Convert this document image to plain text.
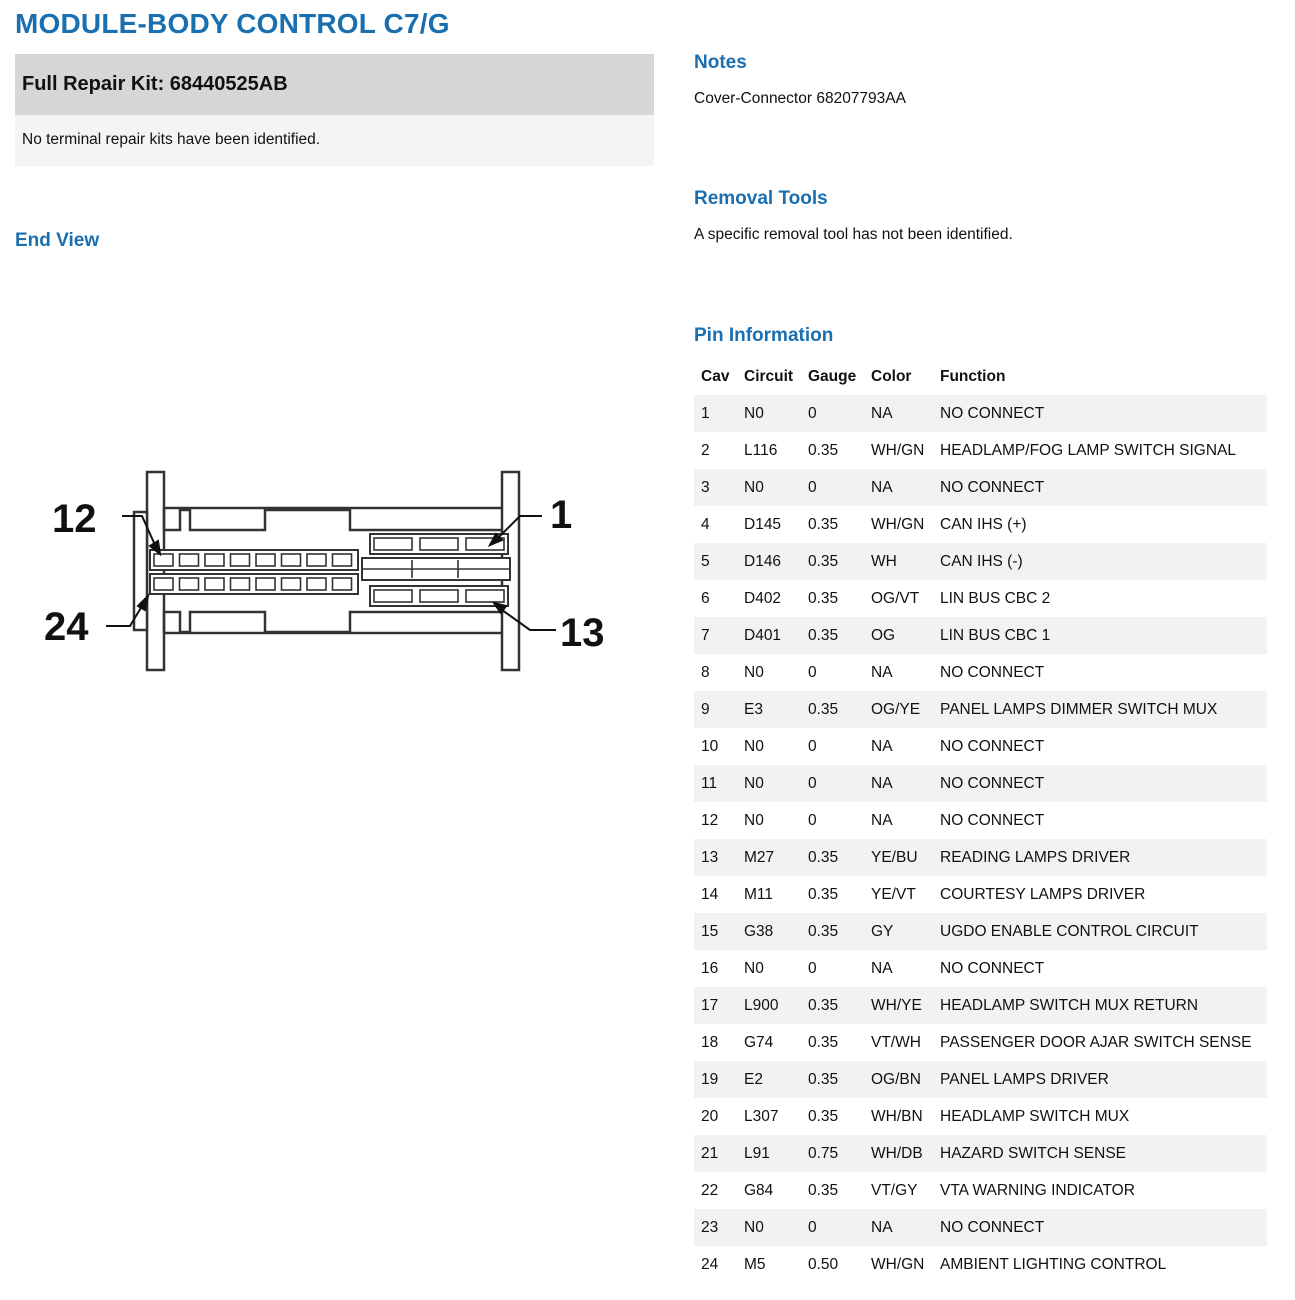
MODULE-BODY CONTROL C7/G
Full Repair Kit: 68440525AB
No terminal repair kits have been identified.
End View
Notes
Cover-Connector 68207793AA
Removal Tools
A specific removal tool has not been identified.
Pin Information
12	1
24	13
Cav	Circuit	Gauge	Color	Function
1	N0	0	NA	NO CONNECT
2	L116	0.35	WH/GN	HEADLAMP/FOG LAMP SWITCH SIGNAL
3	N0	0	NA	NO CONNECT
4	D145	0.35	WH/GN	CAN IHS (+)
5	D146	0.35	WH	CAN IHS (-)
6	D402	0.35	OG/VT	LIN BUS CBC 2
7	D401	0.35	OG	LIN BUS CBC 1
8	N0	0	NA	NO CONNECT
9	E3	0.35	OG/YE	PANEL LAMPS DIMMER SWITCH MUX
10	N0	0	NA	NO CONNECT
11	N0	0	NA	NO CONNECT
12	N0	0	NA	NO CONNECT
13	M27	0.35	YE/BU	READING LAMPS DRIVER
14	M11	0.35	YE/VT	COURTESY LAMPS DRIVER
15	G38	0.35	GY	UGDO ENABLE CONTROL CIRCUIT
16	N0	0	NA	NO CONNECT
17	L900	0.35	WH/YE	HEADLAMP SWITCH MUX RETURN
18	G74	0.35	VT/WH	PASSENGER DOOR AJAR SWITCH SENSE
19	E2	0.35	OG/BN	PANEL LAMPS DRIVER
20	L307	0.35	WH/BN	HEADLAMP SWITCH MUX
21	L91	0.75	WH/DB	HAZARD SWITCH SENSE
22	G84	0.35	VT/GY	VTA WARNING INDICATOR
23	N0	0	NA	NO CONNECT
24	M5	0.50	WH/GN	AMBIENT LIGHTING CONTROL
